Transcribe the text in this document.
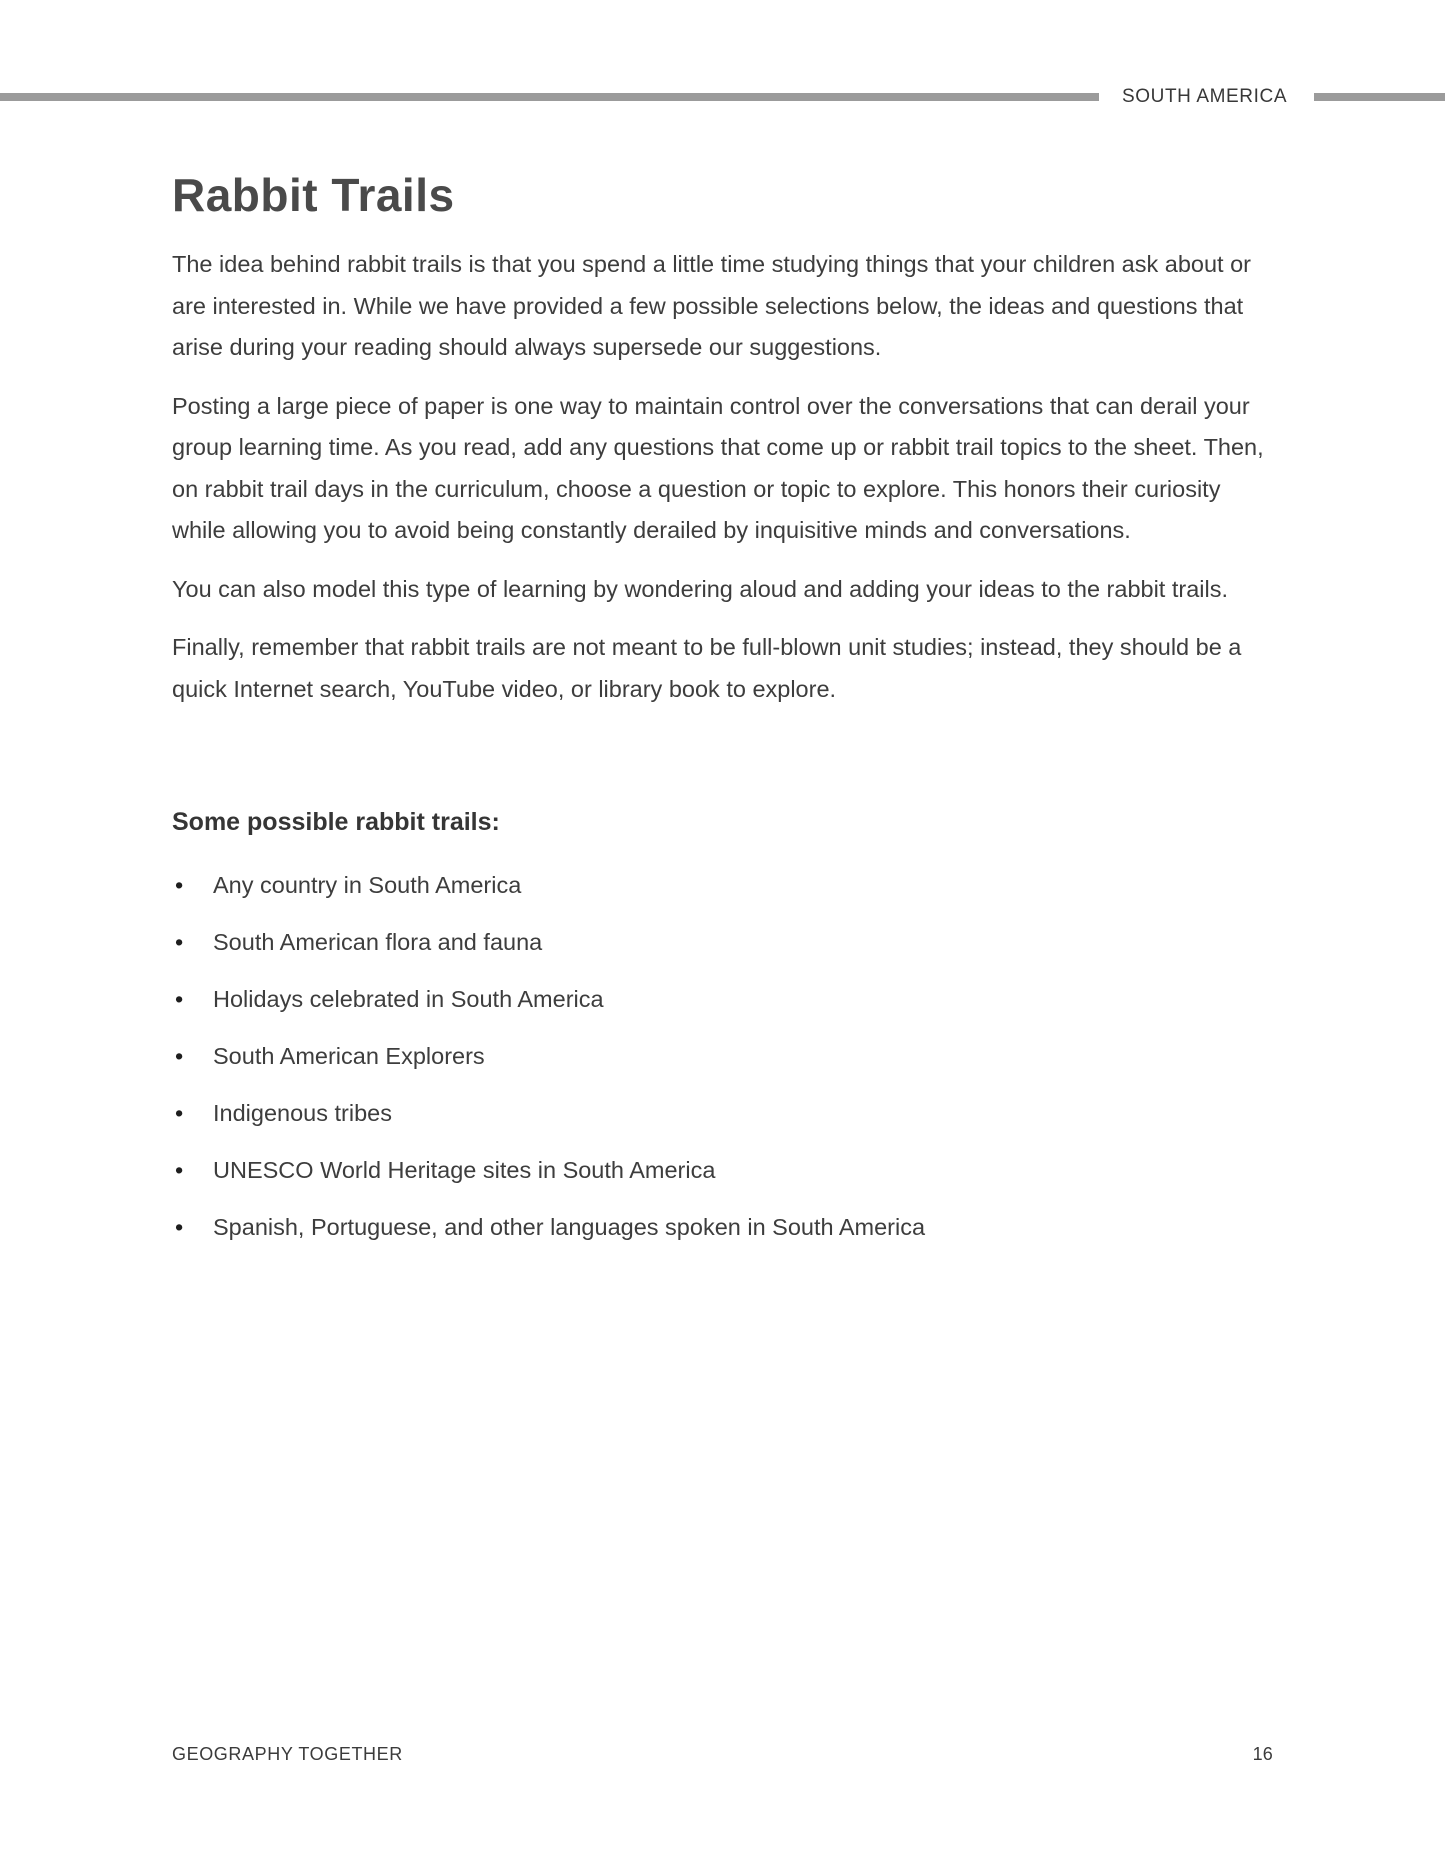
SOUTH AMERICA
Rabbit Trails

The idea behind rabbit trails is that you spend a little time studying things that your children ask about or are interested in. While we have provided a few possible selections below, the ideas and questions that arise during your reading should always supersede our suggestions.

Posting a large piece of paper is one way to maintain control over the conversations that can derail your group learning time. As you read, add any questions that come up or rabbit trail topics to the sheet. Then, on rabbit trail days in the curriculum, choose a question or topic to explore. This honors their curiosity while allowing you to avoid being constantly derailed by inquisitive minds and conversations.

You can also model this type of learning by wondering aloud and adding your ideas to the rabbit trails.

Finally, remember that rabbit trails are not meant to be full-blown unit studies; instead, they should be a quick Internet search, YouTube video, or library book to explore.

Some possible rabbit trails:
• Any country in South America
• South American flora and fauna
• Holidays celebrated in South America
• South American Explorers
• Indigenous tribes
• UNESCO World Heritage sites in South America
• Spanish, Portuguese, and other languages spoken in South America
GEOGRAPHY TOGETHER	16
